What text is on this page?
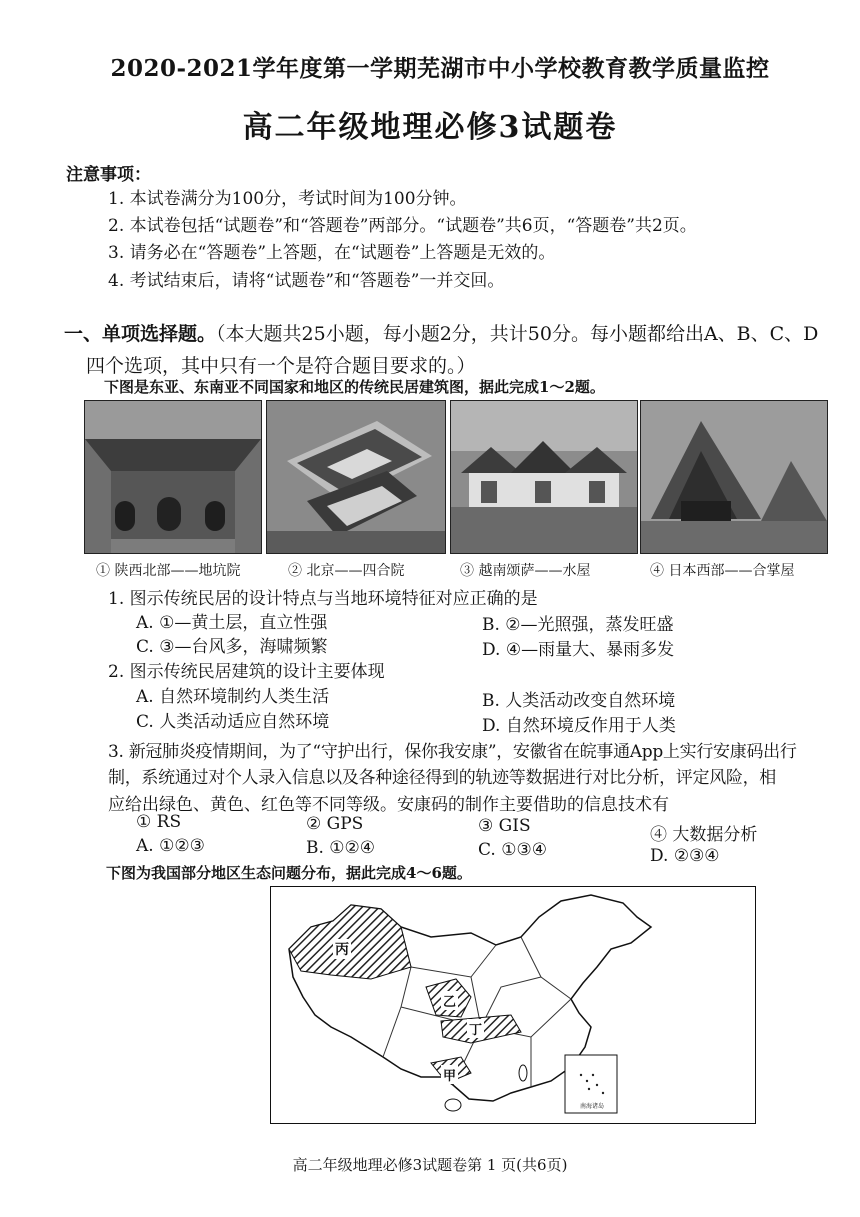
2020-2021学年度第一学期芜湖市中小学校教育教学质量监控
高二年级地理必修3试题卷
注意事项：
1. 本试卷满分为100分，考试时间为100分钟。
2. 本试卷包括“试题卷”和“答题卷”两部分。“试题卷”共6页，“答题卷”共2页。
3. 请务必在“答题卷”上答题，在“试题卷”上答题是无效的。
4. 考试结束后，请将“试题卷”和“答题卷”一并交回。
一、单项选择题。（本大题共25小题，每小题2分，共计50分。每小题都给出A、B、C、D
四个选项，其中只有一个是符合题目要求的。）
下图是东亚、东南亚不同国家和地区的传统民居建筑图，据此完成1～2题。
① 陕西北部——地坑院	② 北京——四合院	③ 越南颂萨——水屋	④ 日本西部——合掌屋
1. 图示传统民居的设计特点与当地环境特征对应正确的是
A. ①—黄土层，直立性强	B. ②—光照强，蒸发旺盛
C. ③—台风多，海啸频繁	D. ④—雨量大、暴雨多发
2. 图示传统民居建筑的设计主要体现
A. 自然环境制约人类生活	B. 人类活动改变自然环境
C. 人类活动适应自然环境	D. 自然环境反作用于人类
3. 新冠肺炎疫情期间，为了“守护出行，保你我安康”，安徽省在皖事通App上实行安康码出行
制，系统通过对个人录入信息以及各种途径得到的轨迹等数据进行对比分析，评定风险，相
应给出绿色、黄色、红色等不同等级。安康码的制作主要借助的信息技术有
① RS	② GPS	③ GIS	④ 大数据分析
A. ①②③	B. ①②④	C. ①③④	D. ②③④
下图为我国部分地区生态问题分布，据此完成4～6题。
丙
乙
丁
甲
南海诸岛
高二年级地理必修3试题卷第 1 页(共6页)
